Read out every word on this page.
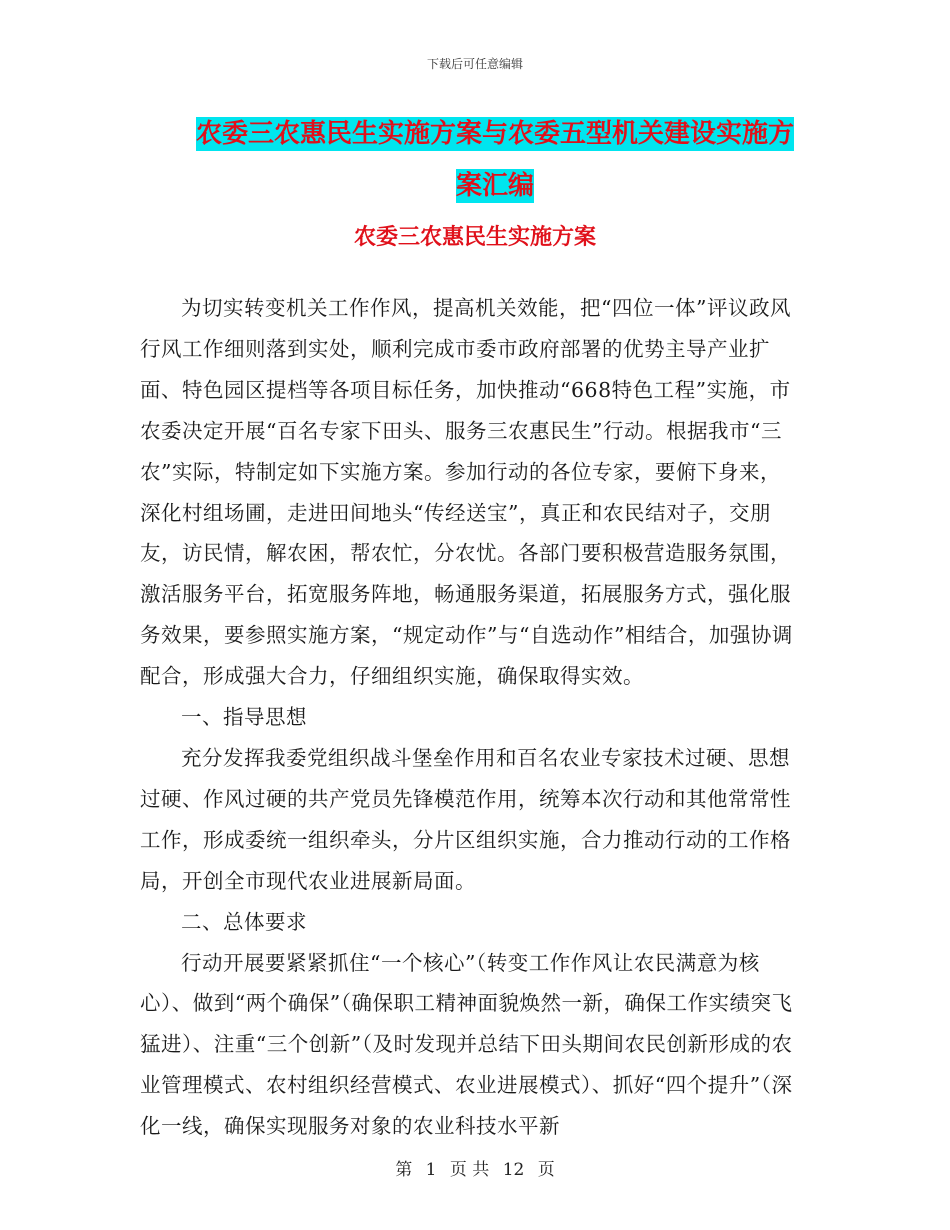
下载后可任意编辑
农委三农惠民生实施方案与农委五型机关建设实施方
案汇编
农委三农惠民生实施方案

为切实转变机关工作作风，提高机关效能，把“四位一体”评议政风行风工作细则落到实处，顺利完成市委市政府部署的优势主导产业扩面、特色园区提档等各项目标任务，加快推动“668特色工程”实施，市农委决定开展“百名专家下田头、服务三农惠民生”行动。根据我市“三农”实际，特制定如下实施方案。参加行动的各位专家，要俯下身来，深化村组场圃，走进田间地头“传经送宝”，真正和农民结对子，交朋友，访民情，解农困，帮农忙，分农忧。各部门要积极营造服务氛围，激活服务平台，拓宽服务阵地，畅通服务渠道，拓展服务方式，强化服务效果，要参照实施方案，“规定动作”与“自选动作”相结合，加强协调配合，形成强大合力，仔细组织实施，确保取得实效。

一、指导思想

充分发挥我委党组织战斗堡垒作用和百名农业专家技术过硬、思想过硬、作风过硬的共产党员先锋模范作用，统筹本次行动和其他常常性工作，形成委统一组织牵头，分片区组织实施，合力推动行动的工作格局，开创全市现代农业进展新局面。

二、总体要求

行动开展要紧紧抓住“一个核心”（转变工作作风让农民满意为核心）、做到“两个确保”（确保职工精神面貌焕然一新，确保工作实绩突飞猛进）、注重“三个创新”（及时发现并总结下田头期间农民创新形成的农业管理模式、农村组织经营模式、农业进展模式）、抓好“四个提升”（深化一线，确保实现服务对象的农业科技水平新

第 1 页 共 12 页
